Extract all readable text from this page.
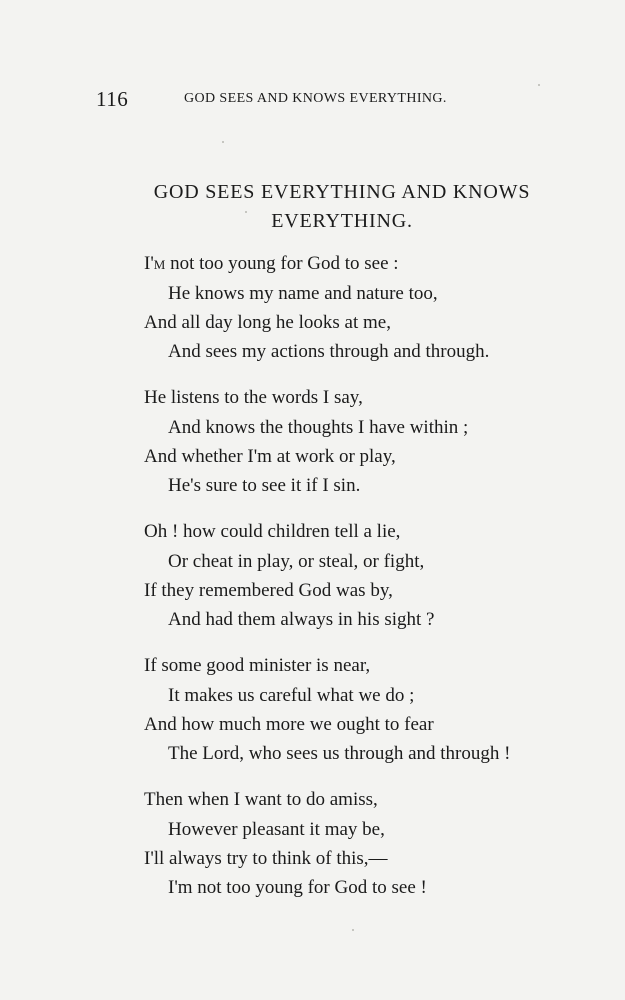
116	GOD SEES AND KNOWS EVERYTHING.
GOD SEES EVERYTHING AND KNOWS
EVERYTHING.
I'm not too young for God to see :
He knows my name and nature too,
And all day long he looks at me,
And sees my actions through and through.
He listens to the words I say,
And knows the thoughts I have within ;
And whether I'm at work or play,
He's sure to see it if I sin.
Oh ! how could children tell a lie,
Or cheat in play, or steal, or fight,
If they remembered God was by,
And had them always in his sight ?
If some good minister is near,
It makes us careful what we do ;
And how much more we ought to fear
The Lord, who sees us through and through !
Then when I want to do amiss,
However pleasant it may be,
I'll always try to think of this,—
I'm not too young for God to see !
